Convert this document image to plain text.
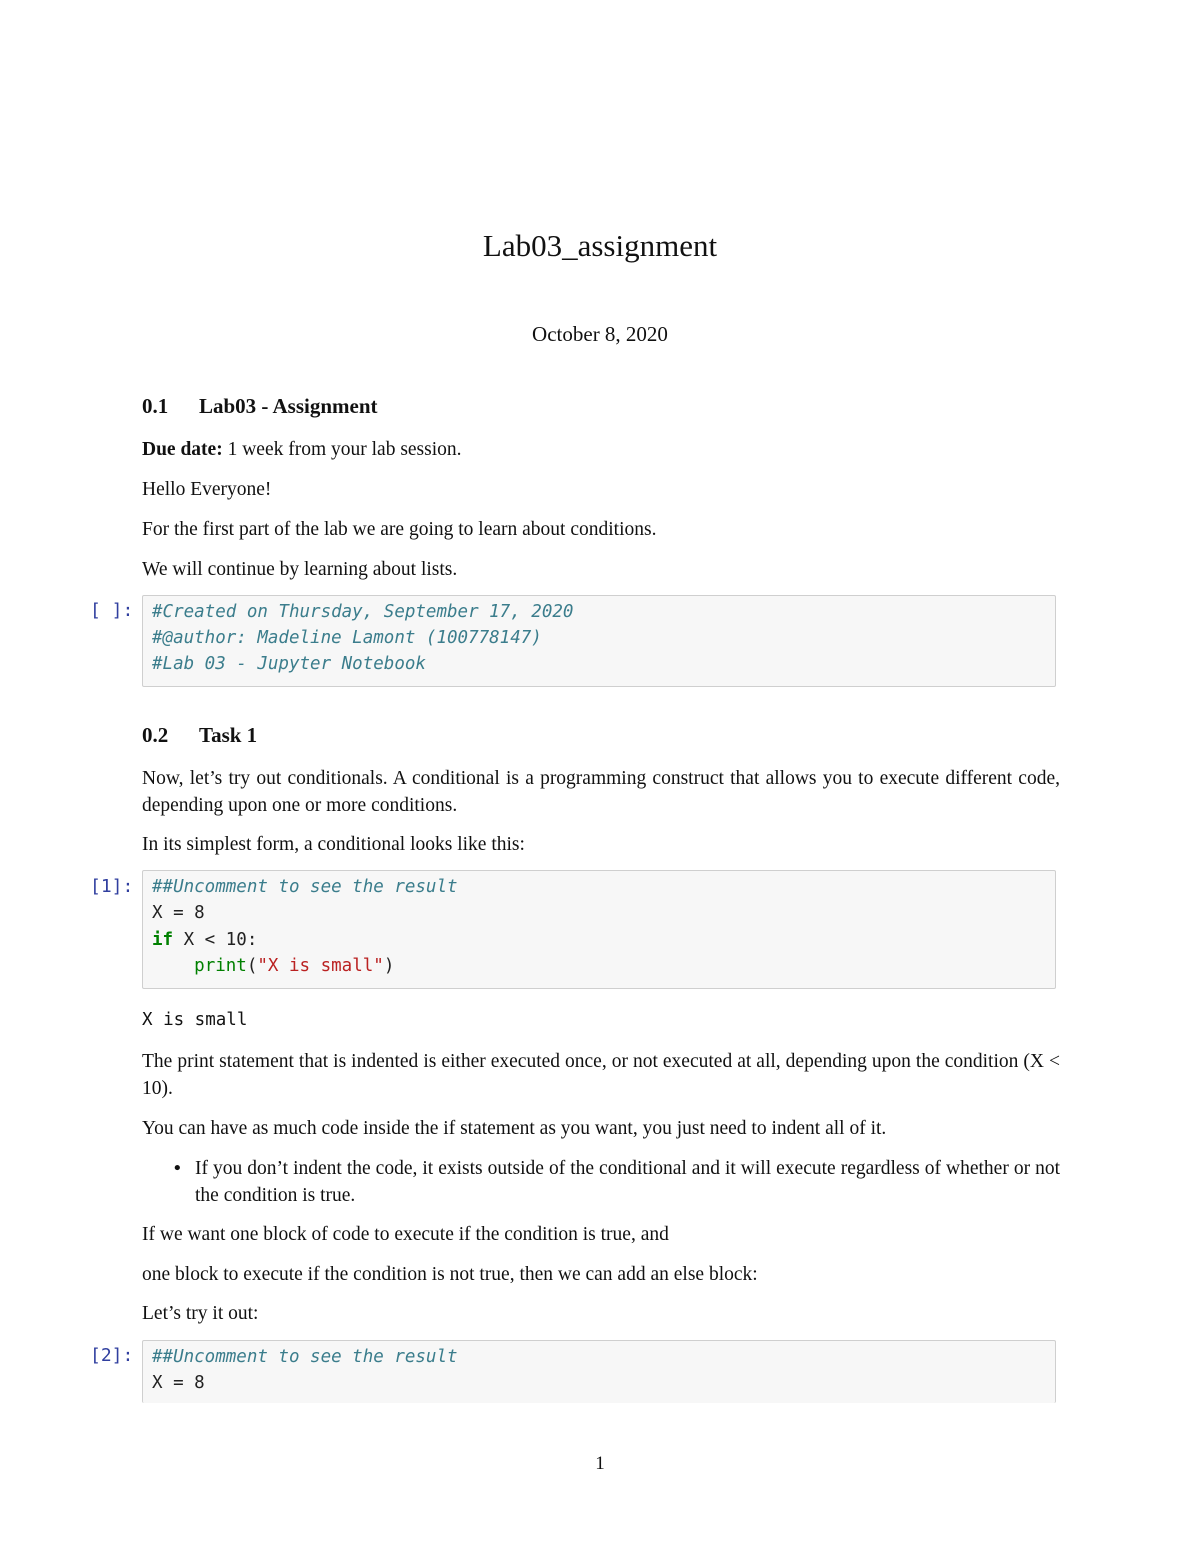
Lab03_assignment
October 8, 2020
0.1 Lab03 - Assignment
Due date: 1 week from your lab session.
Hello Everyone!
For the first part of the lab we are going to learn about conditions.
We will continue by learning about lists.
[ ]: #Created on Thursday, September 17, 2020
#@author: Madeline Lamont (100778147)
#Lab 03 - Jupyter Notebook
0.2 Task 1
Now, let’s try out conditionals. A conditional is a programming construct that allows you to execute different code, depending upon one or more conditions.
In its simplest form, a conditional looks like this:
[1]: ##Uncomment to see the result
X = 8
if X < 10:
print("X is small")
X is small
The print statement that is indented is either executed once, or not executed at all, depending upon the condition (X < 10).
You can have as much code inside the if statement as you want, you just need to indent all of it.
• If you don’t indent the code, it exists outside of the conditional and it will execute regardless of whether or not the condition is true.
If we want one block of code to execute if the condition is true, and
one block to execute if the condition is not true, then we can add an else block:
Let’s try it out:
[2]: ##Uncomment to see the result
X = 8
1
